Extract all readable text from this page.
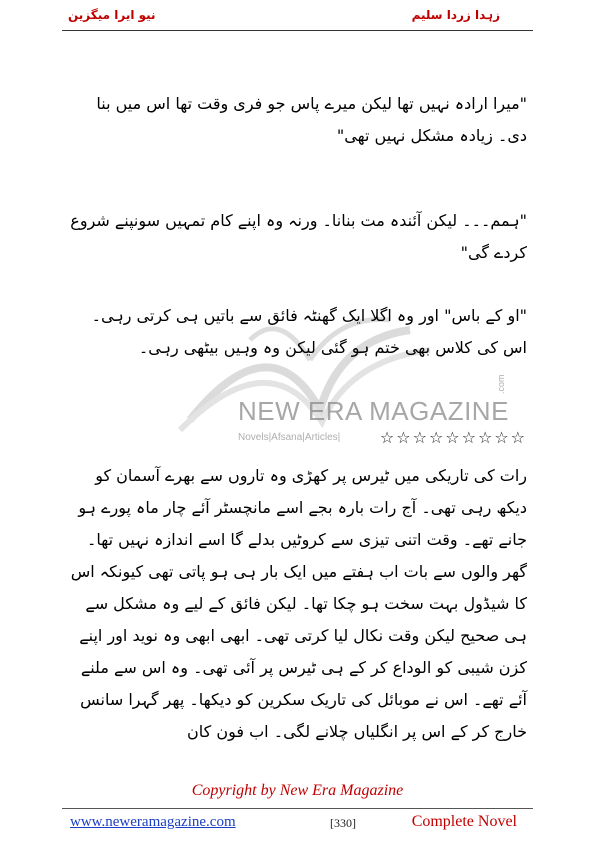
نیو ایرا میگزین	زہدا زردا سلیم
NEW ERA MAGAZINE
Novels|Afsana|Articles|
.com
"میرا ارادہ نہیں تھا لیکن میرے پاس جو فری وقت تھا اس میں بنا دی۔ زیادہ مشکل نہیں تھی"
"ہمم۔۔۔ لیکن آئندہ مت بنانا۔ ورنہ وہ اپنے کام تمہیں سونپنے شروع کردے گی"
"او کے باس" اور وہ اگلا ایک گھنٹہ فائق سے باتیں ہی کرتی رہی۔ اس کی کلاس بھی ختم ہو گئی لیکن وہ وہیں بیٹھی رہی۔
☆☆☆☆☆☆☆☆☆
رات کی تاریکی میں ٹیرس پر کھڑی وہ تاروں سے بھرے آسمان کو دیکھ رہی تھی۔ آج رات بارہ بجے اسے مانچسٹر آئے چار ماہ پورے ہو جانے تھے۔ وقت اتنی تیزی سے کروٹیں بدلے گا اسے اندازہ نہیں تھا۔ گھر والوں سے بات اب ہفتے میں ایک بار ہی ہو پاتی تھی کیونکہ اس کا شیڈول بہت سخت ہو چکا تھا۔ لیکن فائق کے لیے وہ مشکل سے ہی صحیح لیکن وقت نکال لیا کرتی تھی۔ ابھی ابھی وہ نوید اور اپنے کزن شیبی کو الوداع کر کے ہی ٹیرس پر آئی تھی۔ وہ اس سے ملنے آئے تھے۔ اس نے موبائل کی تاریک سکرین کو دیکھا۔ پھر گہرا سانس خارج کر کے اس پر انگلیاں چلانے لگی۔ اب فون کان
Copyright by New Era Magazine
www.neweramagazine.com	[330]	Complete Novel
